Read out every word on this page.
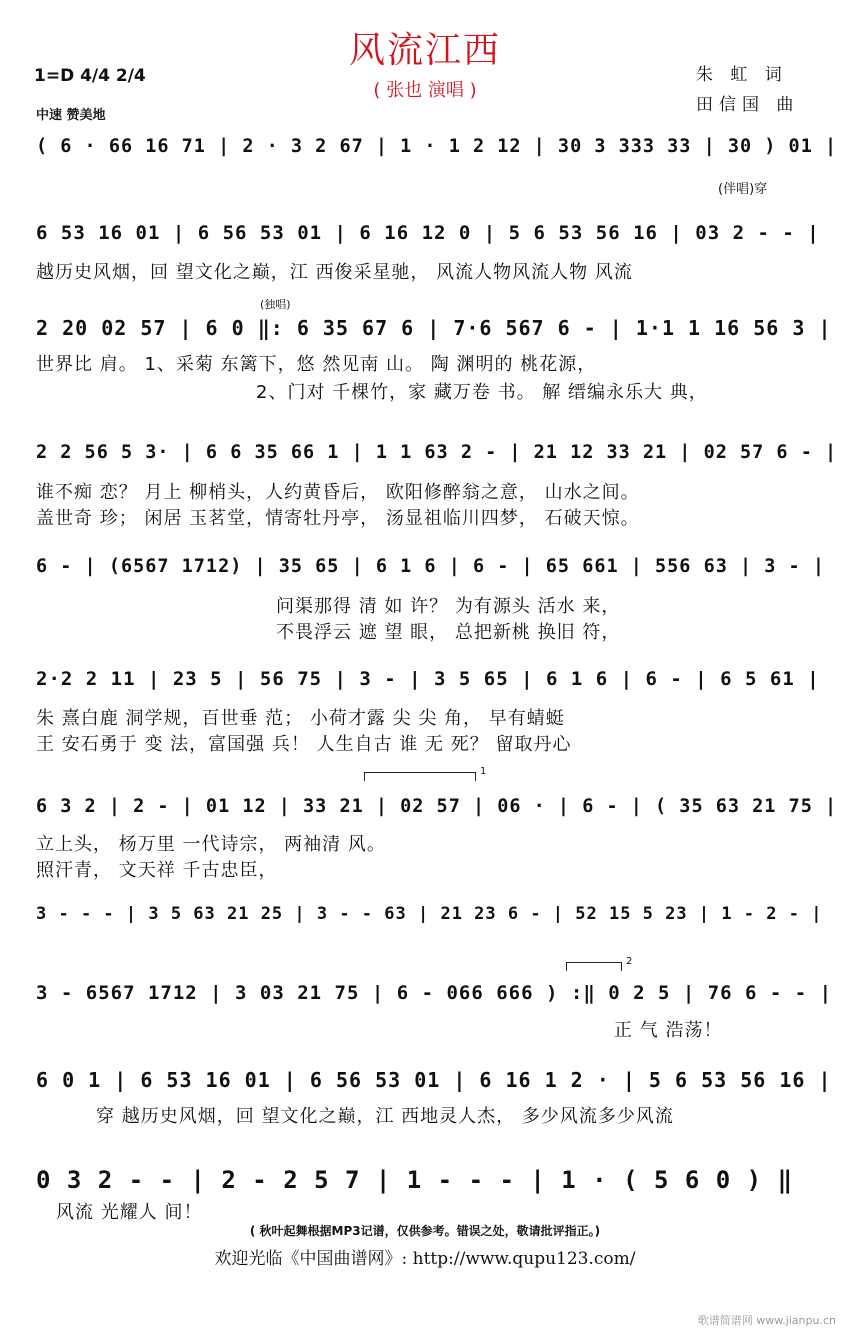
风流江西
( 张也 演唱 )
朱 虹 词
田信国 曲
1=D 4/4 2/4
中速 赞美地
( 6 · 66 16 71 | 2 · 3 2 67 | 1 · 1 2 12 | 30 3 333 33 | 30 ) 01 |
(伴唱)穿
6 53 16 01 | 6 56 53 01 | 6 16 12 0 | 5 6 53 56 16 | 03 2 - - |
越历史风烟，回 望文化之巅，江 西俊采星驰， 风流人物风流人物 风流
(独唱)
2 20 02 57 | 6 0 ‖: 6 35 67 6 | 7·6 567 6 - | 1·1 1 16 56 3 |
世界比 肩。 1、采菊 东篱下，悠 然见南 山。 陶 渊明的 桃花源，
2、门对 千棵竹，家 藏万卷 书。 解 缙编永乐大 典，
2 2 56 5 3· | 6 6 35 66 1 | 1 1 63 2 - | 21 12 33 21 | 02 57 6 - |
谁不痴 恋？ 月上 柳梢头，人约黄昏后， 欧阳修醉翁之意， 山水之间。
盖世奇 珍； 闲居 玉茗堂，情寄牡丹亭， 汤显祖临川四梦， 石破天惊。
6 - | (6567 1712) | 35 65 | 6 1 6 | 6 - | 65 661 | 556 63 | 3 - |
问渠那得 清 如 许？ 为有源头 活水 来，
不畏浮云 遮 望 眼， 总把新桃 换旧 符，
2·2 2 11 | 23 5 | 56 75 | 3 - | 3 5 65 | 6 1 6 | 6 - | 6 5 61 |
朱 熹白鹿 洞学规，百世垂 范； 小荷才露 尖 尖 角， 早有蜻蜓
王 安石勇于 变 法，富国强 兵！ 人生自古 谁 无 死？ 留取丹心
1
6 3 2 | 2 - | 01 12 | 33 21 | 02 57 | 06 · | 6 - | ( 35 63 21 75 |
立上头， 杨万里 一代诗宗， 两袖清 风。
照汗青， 文天祥 千古忠臣，
3 - - - | 3 5 63 21 25 | 3 - - 63 | 21 23 6 - | 52 15 5 23 | 1 - 2 - |
2
3 - 6567 1712 | 3 03 21 75 | 6 - 066 666 ) :‖ 0 2 5 | 76 6 - - |
正 气 浩荡！
6 0 1 | 6 53 16 01 | 6 56 53 01 | 6 16 1 2 · | 5 6 53 56 16 |
穿 越历史风烟，回 望文化之巅，江 西地灵人杰， 多少风流多少风流
0 3 2 - - | 2 - 2 5 7 | 1 - - - | 1 · ( 5 6 0 ) ‖
风流 光耀人 间！
( 秋叶起舞根据MP3记谱，仅供参考。错误之处，敬请批评指正。)
欢迎光临《中国曲谱网》: http://www.qupu123.com/
歌谱简谱网 www.jianpu.cn
